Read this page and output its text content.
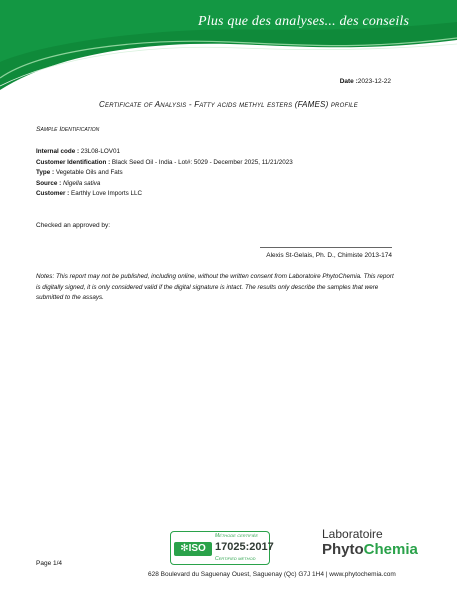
Plus que des analyses... des conseils
Date :2023-12-22
Certificate of Analysis - Fatty acids methyl esters (FAMES) profile
Sample Identification
Internal code : 23L08-LOV01
Customer Identification : Black Seed Oil - India - Lot#: 5029 - December 2025, 11/21/2023
Type : Vegetable Oils and Fats
Source : Nigella sativa
Customer : Earthly Love Imports LLC
Checked an approved by:
Alexis St-Gelais, Ph. D., Chimiste 2013-174
Notes: This report may not be published, including online, without the written consent from Laboratoire PhytoChemia. This report is digitally signed, it is only considered valid if the digital signature is intact. The results only describe the samples that were submitted to the assays.
Méthode certifiée
✻ISO 17025:2017
Certified method
Laboratoire
PhytoChemia
Page 1/4
628 Boulevard du Saguenay Ouest, Saguenay (Qc) G7J 1H4 | www.phytochemia.com
